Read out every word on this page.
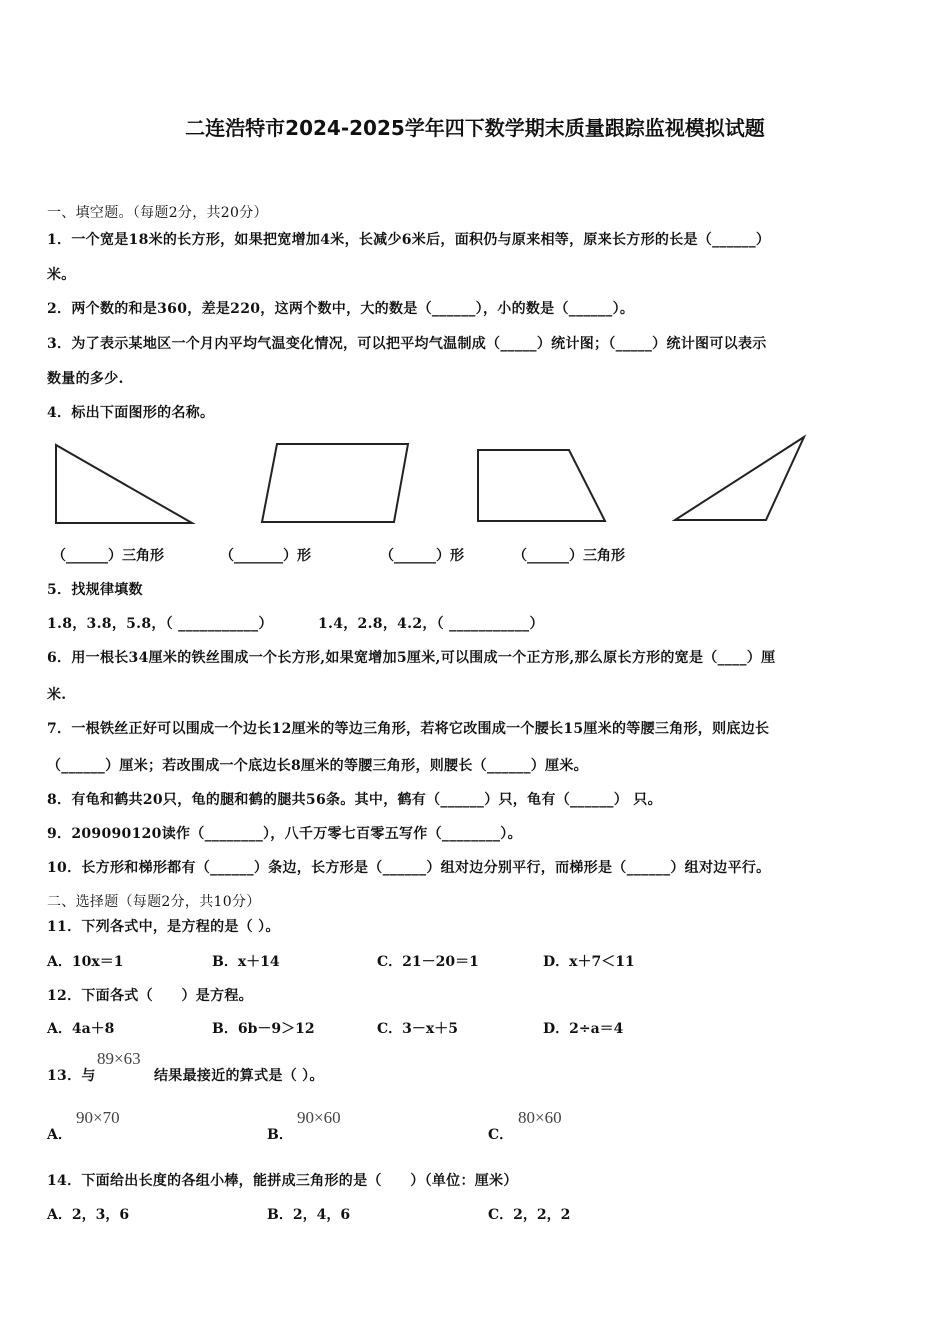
二连浩特市2024-2025学年四下数学期末质量跟踪监视模拟试题
一、填空题。（每题2分，共20分）
1．一个宽是18米的长方形，如果把宽增加4米，长减少6米后，面积仍与原来相等，原来长方形的长是（______）
米。
2．两个数的和是360，差是220，这两个数中，大的数是（______），小的数是（______）。
3．为了表示某地区一个月内平均气温变化情况，可以把平均气温制成（_____）统计图；（_____）统计图可以表示
数量的多少.
4．标出下面图形的名称。
（______）三角形	（_______）形	（______）形	（______）三角形
5．找规律填数
1.8，3.8，5.8，（ ___________）	1.4，2.8，4.2，（ ___________）
6．用一根长34厘米的铁丝围成一个长方形,如果宽增加5厘米,可以围成一个正方形,那么原长方形的宽是（____）厘
米.
7．一根铁丝正好可以围成一个边长12厘米的等边三角形，若将它改围成一个腰长15厘米的等腰三角形，则底边长
（______）厘米；若改围成一个底边长8厘米的等腰三角形，则腰长（______）厘米。
8．有龟和鹤共20只，龟的腿和鹤的腿共56条。其中，鹤有（______）只，龟有（______） 只。
9．209090120读作（________），八千万零七百零五写作（________）。
10．长方形和梯形都有（______）条边，长方形是（______）组对边分别平行，而梯形是（______）组对边平行。
二、选择题（每题2分，共10分）
11．下列各式中，是方程的是（ ）。
A．10x＝1	B．x＋14	C．21－20＝1	D．x＋7＜11
12．下面各式（　　）是方程。
A．4a＋8	B．6b－9＞12	C．3－x＋5	D．2÷a＝4
13．与
89×63
结果最接近的算式是（ ）。
A．
90×70
B．
90×60
C．
80×60
14．下面给出长度的各组小棒，能拼成三角形的是（　　）（单位：厘米）
A．2，3，6	B．2，4，6	C．2，2，2
